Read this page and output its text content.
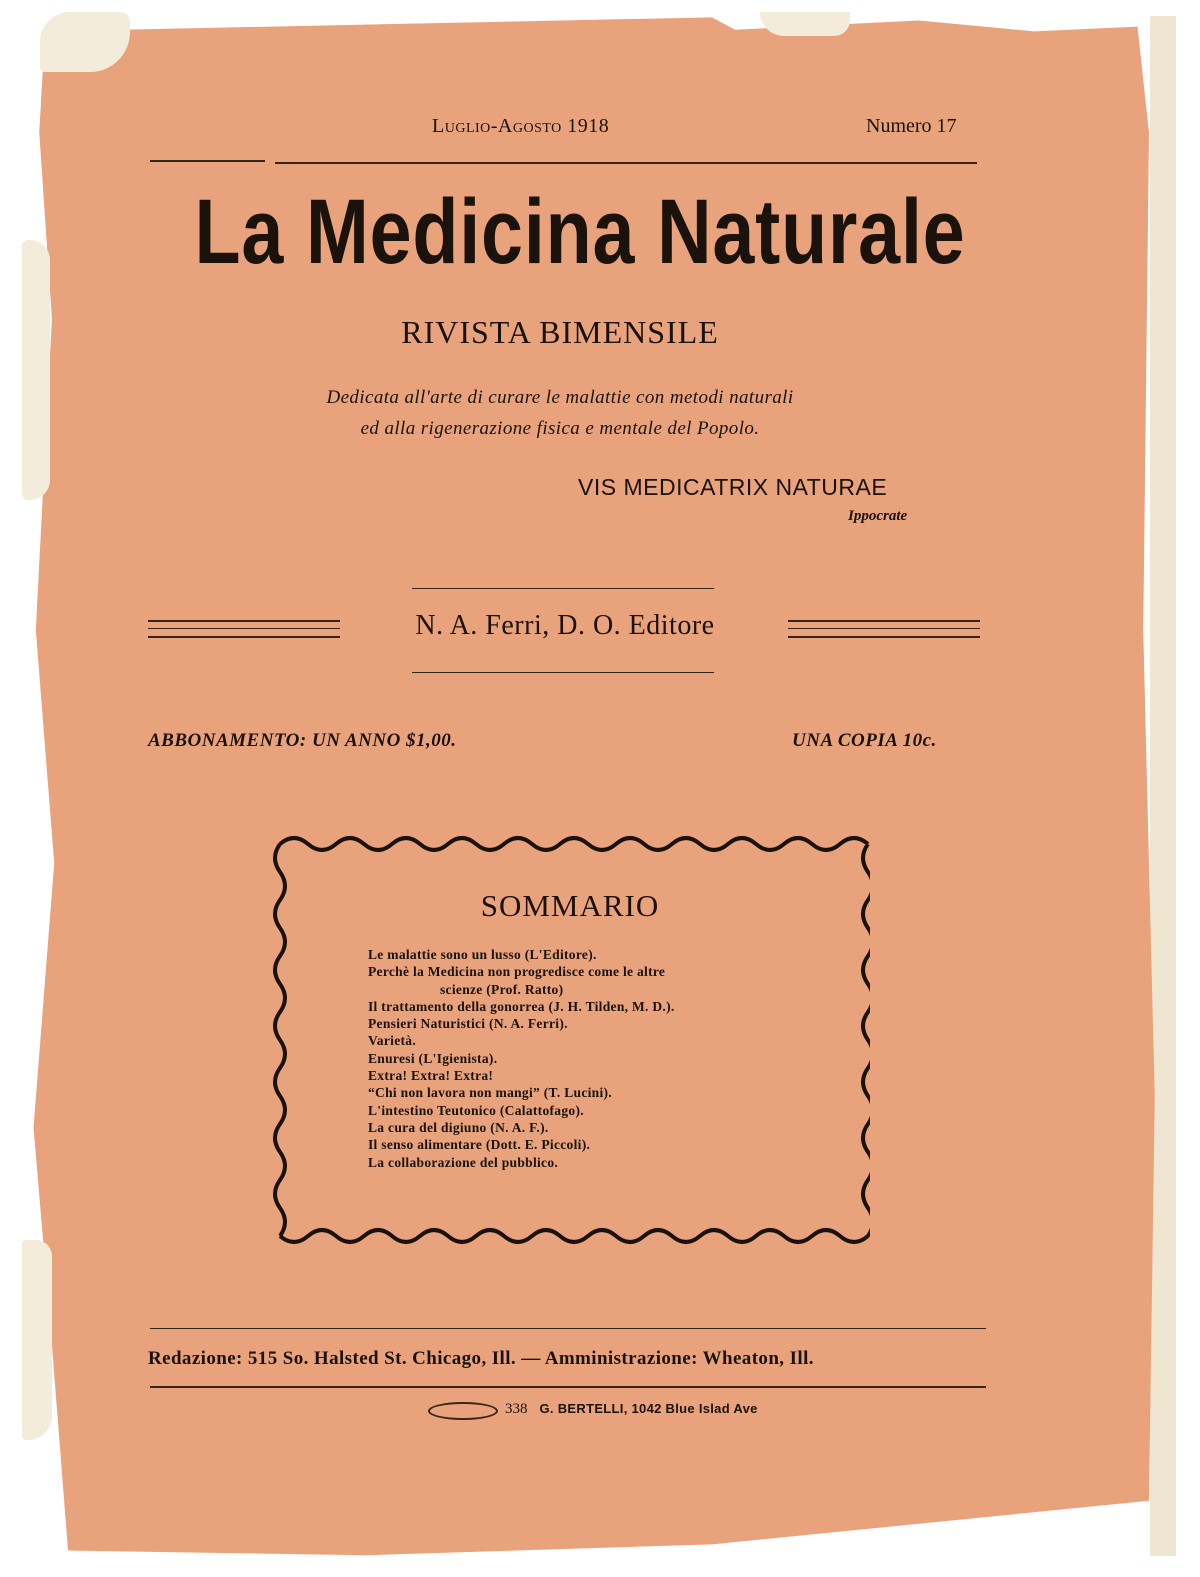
Luglio-Agosto 1918	Numero 17
La Medicina Naturale
RIVISTA BIMENSILE
Dedicata all'arte di curare le malattie con metodi naturali
ed alla rigenerazione fisica e mentale del Popolo.
VIS MEDICATRIX NATURAE
Ippocrate
N. A. Ferri, D. O. Editore
ABBONAMENTO: UN ANNO $1,00.	UNA COPIA 10c.
SOMMARIO
Le malattie sono un lusso (L'Editore).
Perchè la Medicina non progredisce come le altre
scienze (Prof. Ratto)
Il trattamento della gonorrea (J. H. Tilden, M. D.).
Pensieri Naturistici (N. A. Ferri).
Varietà.
Enuresi (L'Igienista).
Extra! Extra! Extra!
“Chi non lavora non mangi” (T. Lucini).
L'intestino Teutonico (Calattofago).
La cura del digiuno (N. A. F.).
Il senso alimentare (Dott. E. Piccoli).
La collaborazione del pubblico.
Redazione: 515 So. Halsted St. Chicago, Ill. — Amministrazione: Wheaton, Ill.
338 G. BERTELLI, 1042 Blue Islad Ave
